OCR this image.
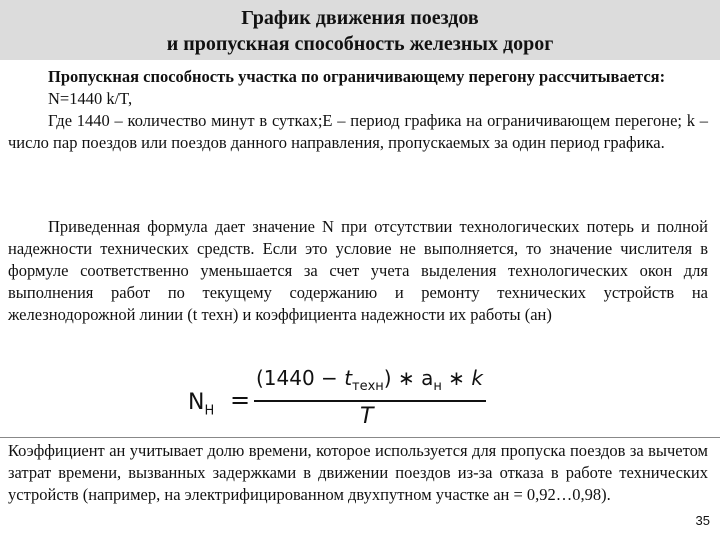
График движения поездов
и пропускная способность железных дорог
Пропускная способность участка по ограничивающему перегону рассчитывается:
N=1440 k/T,
Где 1440 – количество минут в сутках;Е – период графика на ограничивающем перегоне; k – число пар поездов или поездов данного направления, пропускаемых за один период графика.
Приведенная формула дает значение N при отсутствии технологических потерь и полной надежности технических средств. Если это условие не выполняется, то значение числителя в формуле соответственно уменьшается за счет учета выделения технологических окон для выполнения работ по текущему содержанию и ремонту технических устройств на железнодорожной линии (t техн) и коэффициента надежности их работы (ан)
$N_Н$ =
$(1440 - t_{техн})$ ∗ $а_н$ ∗ k
T
Коэффициент ан учитывает долю времени, которое используется для пропуска поездов за вычетом затрат времени, вызванных задержками в движении поездов из-за отказа в работе технических устройств (например, на электрифицированном двухпутном участке ан = 0,92…0,98).
35
